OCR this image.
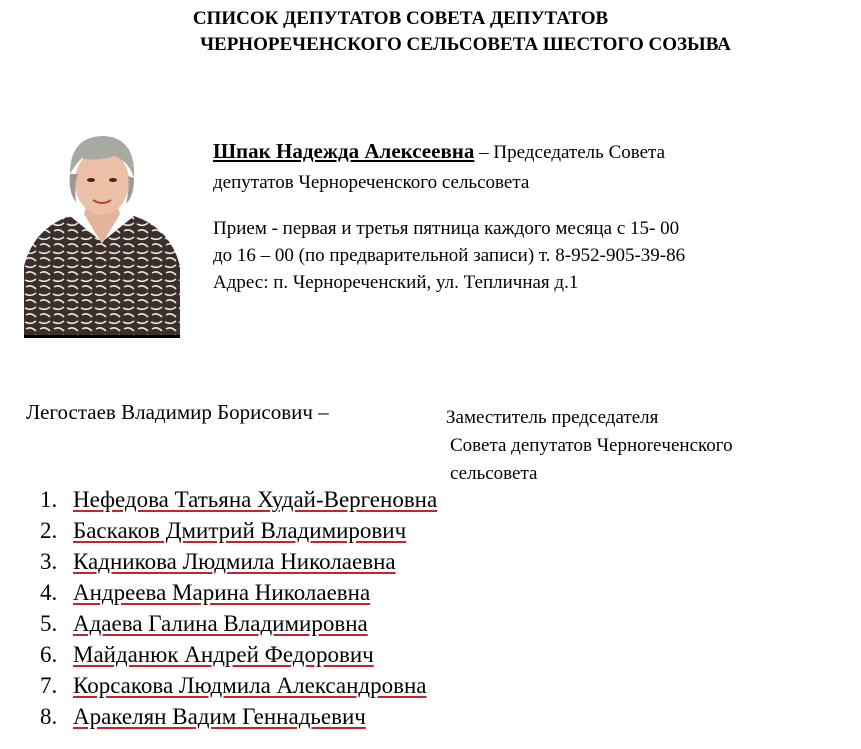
СПИСОК ДЕПУТАТОВ СОВЕТА ДЕПУТАТОВ
ЧЕРНОРЕЧЕНСКОГО СЕЛЬСОВЕТА ШЕСТОГО СОЗЫВА
Шпак Надежда Алексеевна – Председатель Совета
депутатов Чернореченского сельсовета
Прием - первая и третья пятница каждого месяца с 15- 00
до 16 – 00 (по предварительной записи) т. 8-952-905-39-86
Адрес: п. Чернореченский, ул. Тепличная д.1
Легостаев Владимир Борисович –	Заместитель председателя
Совета депутатов Черноreченского
сельсовета
1. Нефедова Татьяна Худай-Вергеновна
2. Баскаков Дмитрий Владимирович
3. Кадникова Людмила Николаевна
4. Андреева Марина Николаевна
5. Адаева Галина Владимировна
6. Майданюк Андрей Федорович
7. Корсакова Людмила Александровна
8. Аракелян Вадим Геннадьевич
